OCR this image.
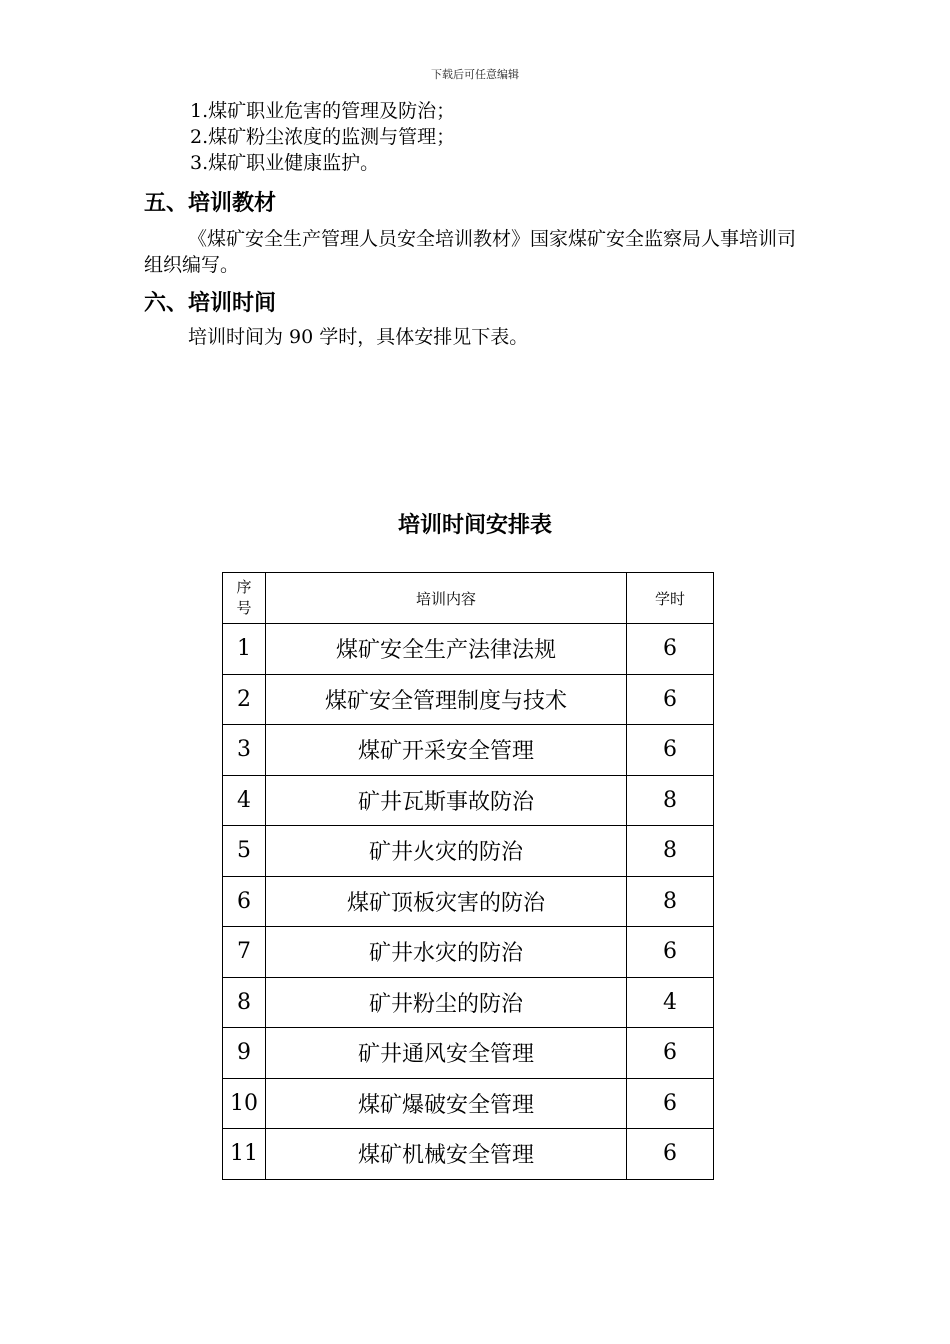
下载后可任意编辑
1.煤矿职业危害的管理及防治；
2.煤矿粉尘浓度的监测与管理；
3.煤矿职业健康监护。
五、培训教材
《煤矿安全生产管理人员安全培训教材》国家煤矿安全监察局人事培训司组织编写。
六、培训时间
培训时间为 90 学时，具体安排见下表。
培训时间安排表
序
号	培训内容	学时
1	煤矿安全生产法律法规	6
2	煤矿安全管理制度与技术	6
3	煤矿开采安全管理	6
4	矿井瓦斯事故防治	8
5	矿井火灾的防治	8
6	煤矿顶板灾害的防治	8
7	矿井水灾的防治	6
8	矿井粉尘的防治	4
9	矿井通风安全管理	6
10	煤矿爆破安全管理	6
11	煤矿机械安全管理	6
